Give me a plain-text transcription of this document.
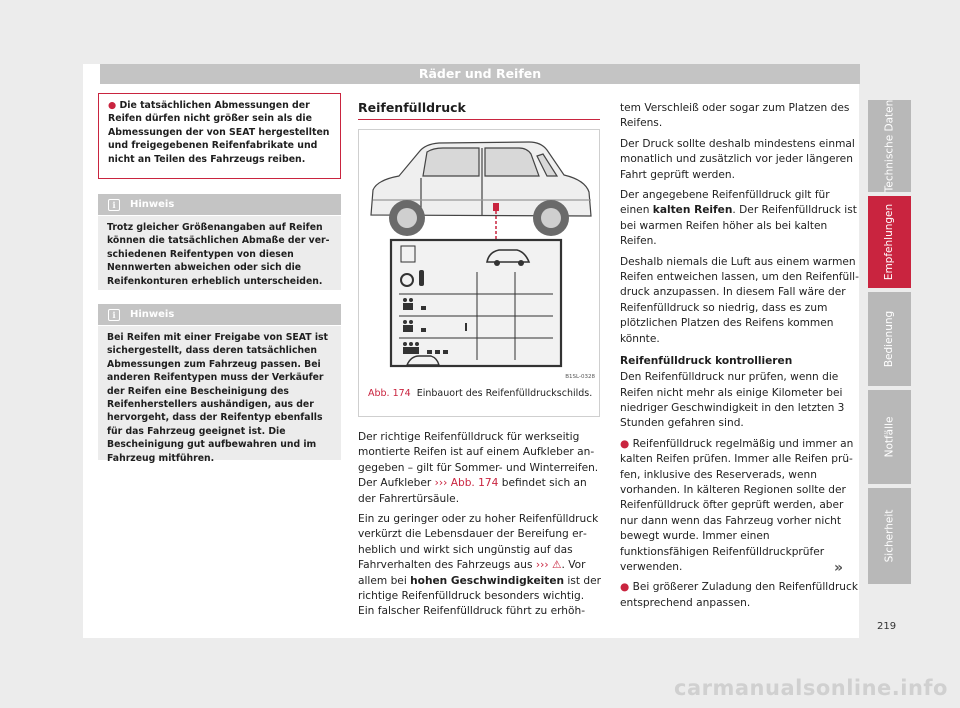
Räder und Reifen

● Die tatsächlichen Abmessungen der Reifen dürfen nicht größer sein als die Abmessungen der von SEAT hergestellten und freigegebenen Reifenfabrikate und nicht an Teilen des Fahrzeugs reiben.

i	Hinweis
Trotz gleicher Größenangaben auf Reifen können die tatsächlichen Abmaße der verschiedenen Reifentypen von diesen Nennwerten abweichen oder sich die Reifenkonturen erheblich unterscheiden.
i	Hinweis
Bei Reifen mit einer Freigabe von SEAT ist sichergestellt, dass deren tatsächlichen Abmessungen zum Fahrzeug passen. Bei anderen Reifentypen muss der Verkäufer der Reifen eine Bescheinigung des Reifenherstellers aushändigen, aus der hervorgeht, dass der Reifentyp ebenfalls für das Fahrzeug geeignet ist. Die Bescheinigung gut aufbewahren und im Fahrzeug mitführen.
Reifenfülldruck
B1SL-0328
Abb. 174 Einbauort des Reifenfülldruckschilds.

Der richtige Reifenfülldruck für werkseitig montierte Reifen ist auf einem Aufkleber angegeben – gilt für Sommer- und Winterreifen. Der Aufkleber ››› Abb. 174 befindet sich an der Fahrertürsäule.

Ein zu geringer oder zu hoher Reifenfülldruck verkürzt die Lebensdauer der Bereifung erheblich und wirkt sich ungünstig auf das Fahrverhalten des Fahrzeugs aus ››› ⚠. Vor allem bei hohen Geschwindigkeiten ist der richtige Reifenfülldruck besonders wichtig. Ein falscher Reifenfülldruck führt zu erhöh-

tem Verschleiß oder sogar zum Platzen des Reifens.

Der Druck sollte deshalb mindestens einmal monatlich und zusätzlich vor jeder längeren Fahrt geprüft werden.

Der angegebene Reifenfülldruck gilt für einen kalten Reifen. Der Reifenfülldruck ist bei warmen Reifen höher als bei kalten Reifen.

Deshalb niemals die Luft aus einem warmen Reifen entweichen lassen, um den Reifenfülldruck anzupassen. In diesem Fall wäre der Reifenfülldruck so niedrig, dass es zum plötzlichen Platzen des Reifens kommen könnte.

Reifenfülldruck kontrollieren

Den Reifenfülldruck nur prüfen, wenn die Reifen nicht mehr als einige Kilometer bei niedriger Geschwindigkeit in den letzten 3 Stunden gefahren sind.

● Reifenfülldruck regelmäßig und immer an kalten Reifen prüfen. Immer alle Reifen prüfen, inklusive des Reserverads, wenn vorhanden. In kälteren Regionen sollte der Reifenfülldruck öfter geprüft werden, aber nur dann wenn das Fahrzeug vorher nicht bewegt wurde. Immer einen funktionsfähigen Reifenfülldruckprüfer verwenden.

● Bei größerer Zuladung den Reifenfülldruck entsprechend anpassen.

»
Technische Daten
Empfehlungen
Bedienung
Notfälle
Sicherheit
219
carmanualsonline.info
